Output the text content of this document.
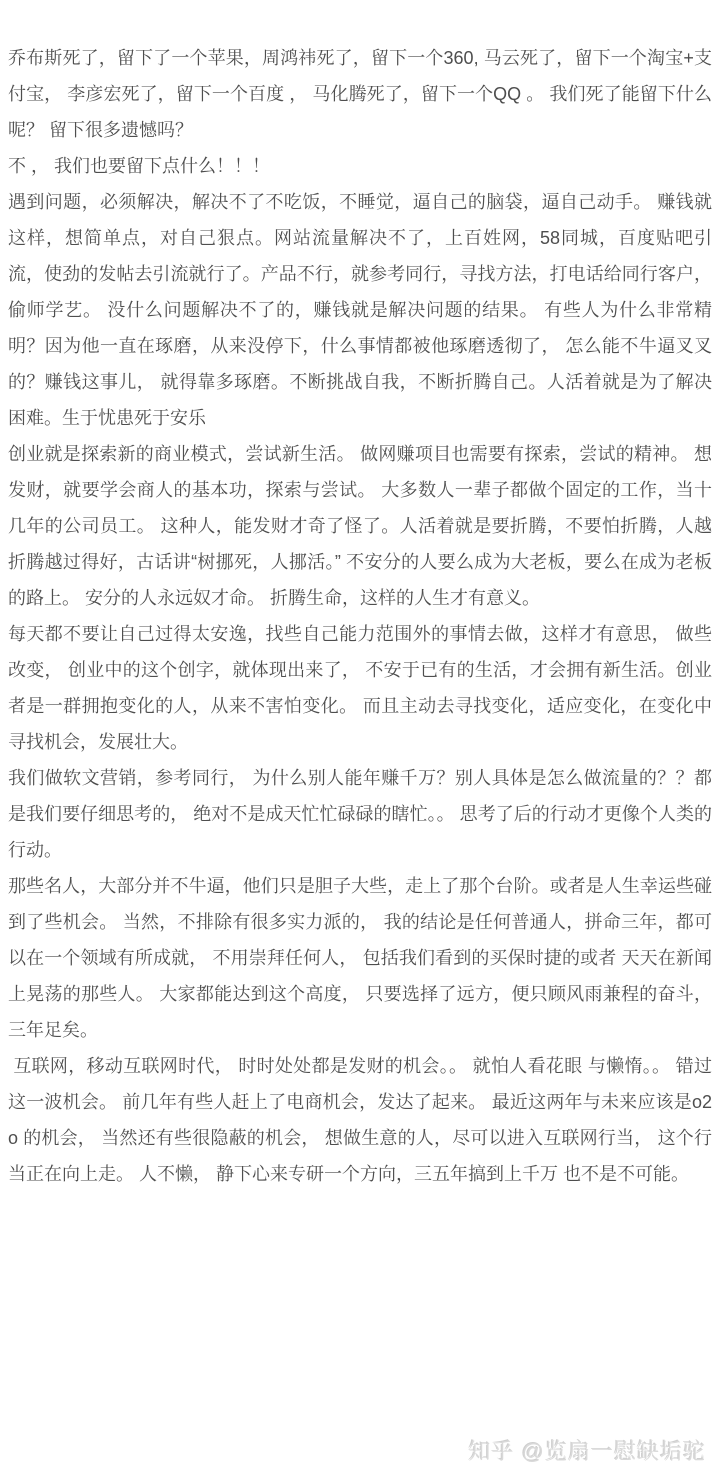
乔布斯死了，留下了一个苹果，周鸿祎死了，留下一个360, 马云死了，留下一个淘宝+支付宝， 李彦宏死了，留下一个百度 ， 马化腾死了，留下一个QQ 。 我们死了能留下什么呢？ 留下很多遗憾吗？

不 ， 我们也要留下点什么！！！

遇到问题，必须解决，解决不了不吃饭，不睡觉，逼自己的脑袋，逼自己动手。 赚钱就这样，想简单点，对自己狠点。网站流量解决不了，上百姓网，58同城，百度贴吧引流，使劲的发帖去引流就行了。产品不行，就参考同行，寻找方法，打电话给同行客户，偷师学艺。 没什么问题解决不了的，赚钱就是解决问题的结果。 有些人为什么非常精明？因为他一直在琢磨，从来没停下，什么事情都被他琢磨透彻了， 怎么能不牛逼叉叉的？赚钱这事儿， 就得靠多琢磨。不断挑战自我，不断折腾自己。人活着就是为了解决困难。生于忧患死于安乐

创业就是探索新的商业模式，尝试新生活。 做网赚项目也需要有探索，尝试的精神。 想发财，就要学会商人的基本功，探索与尝试。 大多数人一辈子都做个固定的工作，当十几年的公司员工。 这种人，能发财才奇了怪了。人活着就是要折腾，不要怕折腾，人越折腾越过得好，古话讲“树挪死，人挪活。” 不安分的人要么成为大老板，要么在成为老板的路上。 安分的人永远奴才命。 折腾生命，这样的人生才有意义。

每天都不要让自己过得太安逸，找些自己能力范围外的事情去做，这样才有意思， 做些改变， 创业中的这个创字，就体现出来了， 不安于已有的生活，才会拥有新生活。创业者是一群拥抱变化的人，从来不害怕变化。 而且主动去寻找变化，适应变化，在变化中寻找机会，发展壮大。

我们做软文营销，参考同行， 为什么别人能年赚千万？别人具体是怎么做流量的？？都是我们要仔细思考的， 绝对不是成天忙忙碌碌的瞎忙。。 思考了后的行动才更像个人类的行动。

那些名人，大部分并不牛逼，他们只是胆子大些，走上了那个台阶。或者是人生幸运些碰到了些机会。 当然，不排除有很多实力派的， 我的结论是任何普通人，拼命三年，都可以在一个领域有所成就， 不用崇拜任何人， 包括我们看到的买保时捷的或者 天天在新闻上晃荡的那些人。 大家都能达到这个高度， 只要选择了远方，便只顾风雨兼程的奋斗，三年足矣。

互联网，移动互联网时代， 时时处处都是发财的机会。。 就怕人看花眼 与懒惰。。 错过这一波机会。 前几年有些人赶上了电商机会，发达了起来。 最近这两年与未来应该是o2o 的机会， 当然还有些很隐蔽的机会， 想做生意的人，尽可以进入互联网行当， 这个行当正在向上走。 人不懒， 静下心来专研一个方向，三五年搞到上千万 也不是不可能。

知乎 @览扇一慰缺垢驼
